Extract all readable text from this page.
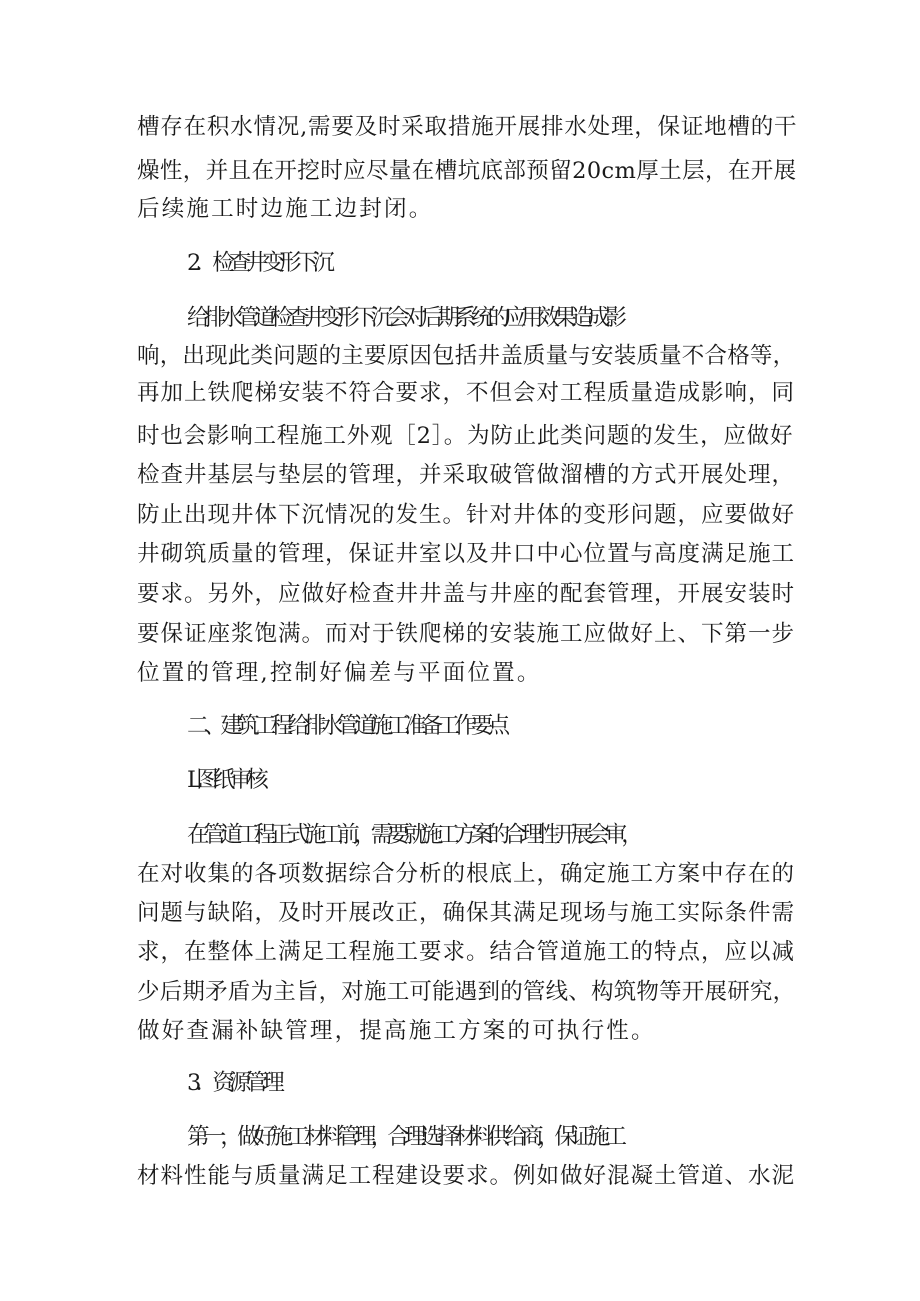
槽存在积水情况,需要及时采取措施开展排水处理，保证地槽的干
燥性，并且在开挖时应尽量在槽坑底部预留20cm厚土层，在开展
后续施工时边施工边封闭。
2．检查井变形下沉
给排水管道检查井变形下沉会对后期系统的应用效果造成影
响，出现此类问题的主要原因包括井盖质量与安装质量不合格等，
再加上铁爬梯安装不符合要求，不但会对工程质量造成影响，同
时也会影响工程施工外观［2］。为防止此类问题的发生，应做好
检查井基层与垫层的管理，并采取破管做溜槽的方式开展处理，
防止出现井体下沉情况的发生。针对井体的变形问题，应要做好
井砌筑质量的管理，保证井室以及井口中心位置与高度满足施工
要求。另外，应做好检查井井盖与井座的配套管理，开展安装时
要保证座浆饱满。而对于铁爬梯的安装施工应做好上、下第一步
位置的管理,控制好偏差与平面位置。
二、建筑工程给排水管道施工准备工作要点
L图纸审核
在管道工程正式施工前，需要就施工方案的合理性开展会审，
在对收集的各项数据综合分析的根底上，确定施工方案中存在的
问题与缺陷，及时开展改正，确保其满足现场与施工实际条件需
求，在整体上满足工程施工要求。结合管道施工的特点，应以减
少后期矛盾为主旨，对施工可能遇到的管线、构筑物等开展研究，
做好查漏补缺管理，提高施工方案的可执行性。
3．资源管理
第一，做好施工材料管理，合理选择材料供给商，保证施工
材料性能与质量满足工程建设要求。例如做好混凝土管道、水泥
